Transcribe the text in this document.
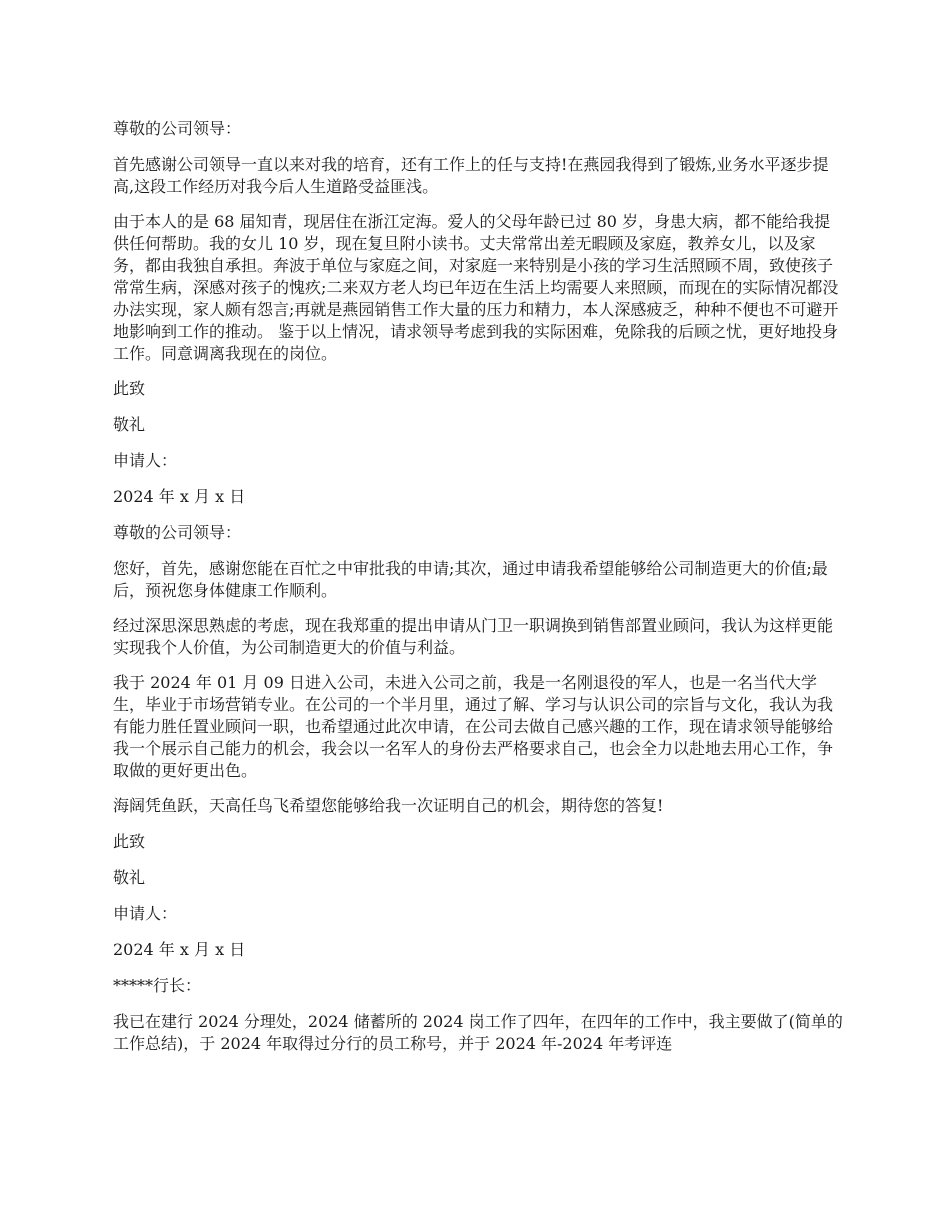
尊敬的公司领导：

首先感谢公司领导一直以来对我的培育，还有工作上的任与支持!在燕园我得到了锻炼,业务水平逐步提高,这段工作经历对我今后人生道路受益匪浅。

由于本人的是 68 届知青，现居住在浙江定海。爱人的父母年龄已过 80 岁，身患大病，都不能给我提供任何帮助。我的女儿 10 岁，现在复旦附小读书。丈夫常常出差无暇顾及家庭，教养女儿，以及家务，都由我独自承担。奔波于单位与家庭之间，对家庭一来特别是小孩的学习生活照顾不周，致使孩子常常生病，深感对孩子的愧疚;二来双方老人均已年迈在生活上均需要人来照顾，而现在的实际情况都没办法实现，家人颇有怨言;再就是燕园销售工作大量的压力和精力，本人深感疲乏，种种不便也不可避开地影响到工作的推动。 鉴于以上情况，请求领导考虑到我的实际困难，免除我的后顾之忧，更好地投身工作。同意调离我现在的岗位。

此致

敬礼

申请人：

2024 年 x 月 x 日

尊敬的公司领导：

您好，首先，感谢您能在百忙之中审批我的申请;其次，通过申请我希望能够给公司制造更大的价值;最后，预祝您身体健康工作顺利。

经过深思深思熟虑的考虑，现在我郑重的提出申请从门卫一职调换到销售部置业顾问，我认为这样更能实现我个人价值，为公司制造更大的价值与利益。

我于 2024 年 01 月 09 日进入公司，未进入公司之前，我是一名刚退役的军人，也是一名当代大学生，毕业于市场营销专业。在公司的一个半月里，通过了解、学习与认识公司的宗旨与文化，我认为我有能力胜任置业顾问一职，也希望通过此次申请，在公司去做自己感兴趣的工作，现在请求领导能够给我一个展示自己能力的机会，我会以一名军人的身份去严格要求自己，也会全力以赴地去用心工作，争取做的更好更出色。

海阔凭鱼跃，天高任鸟飞希望您能够给我一次证明自己的机会，期待您的答复!

此致

敬礼

申请人：

2024 年 x 月 x 日

*****行长：

我已在建行 2024 分理处，2024 储蓄所的 2024 岗工作了四年，在四年的工作中，我主要做了(简单的工作总结)，于 2024 年取得过分行的员工称号，并于 2024 年-2024 年考评连
